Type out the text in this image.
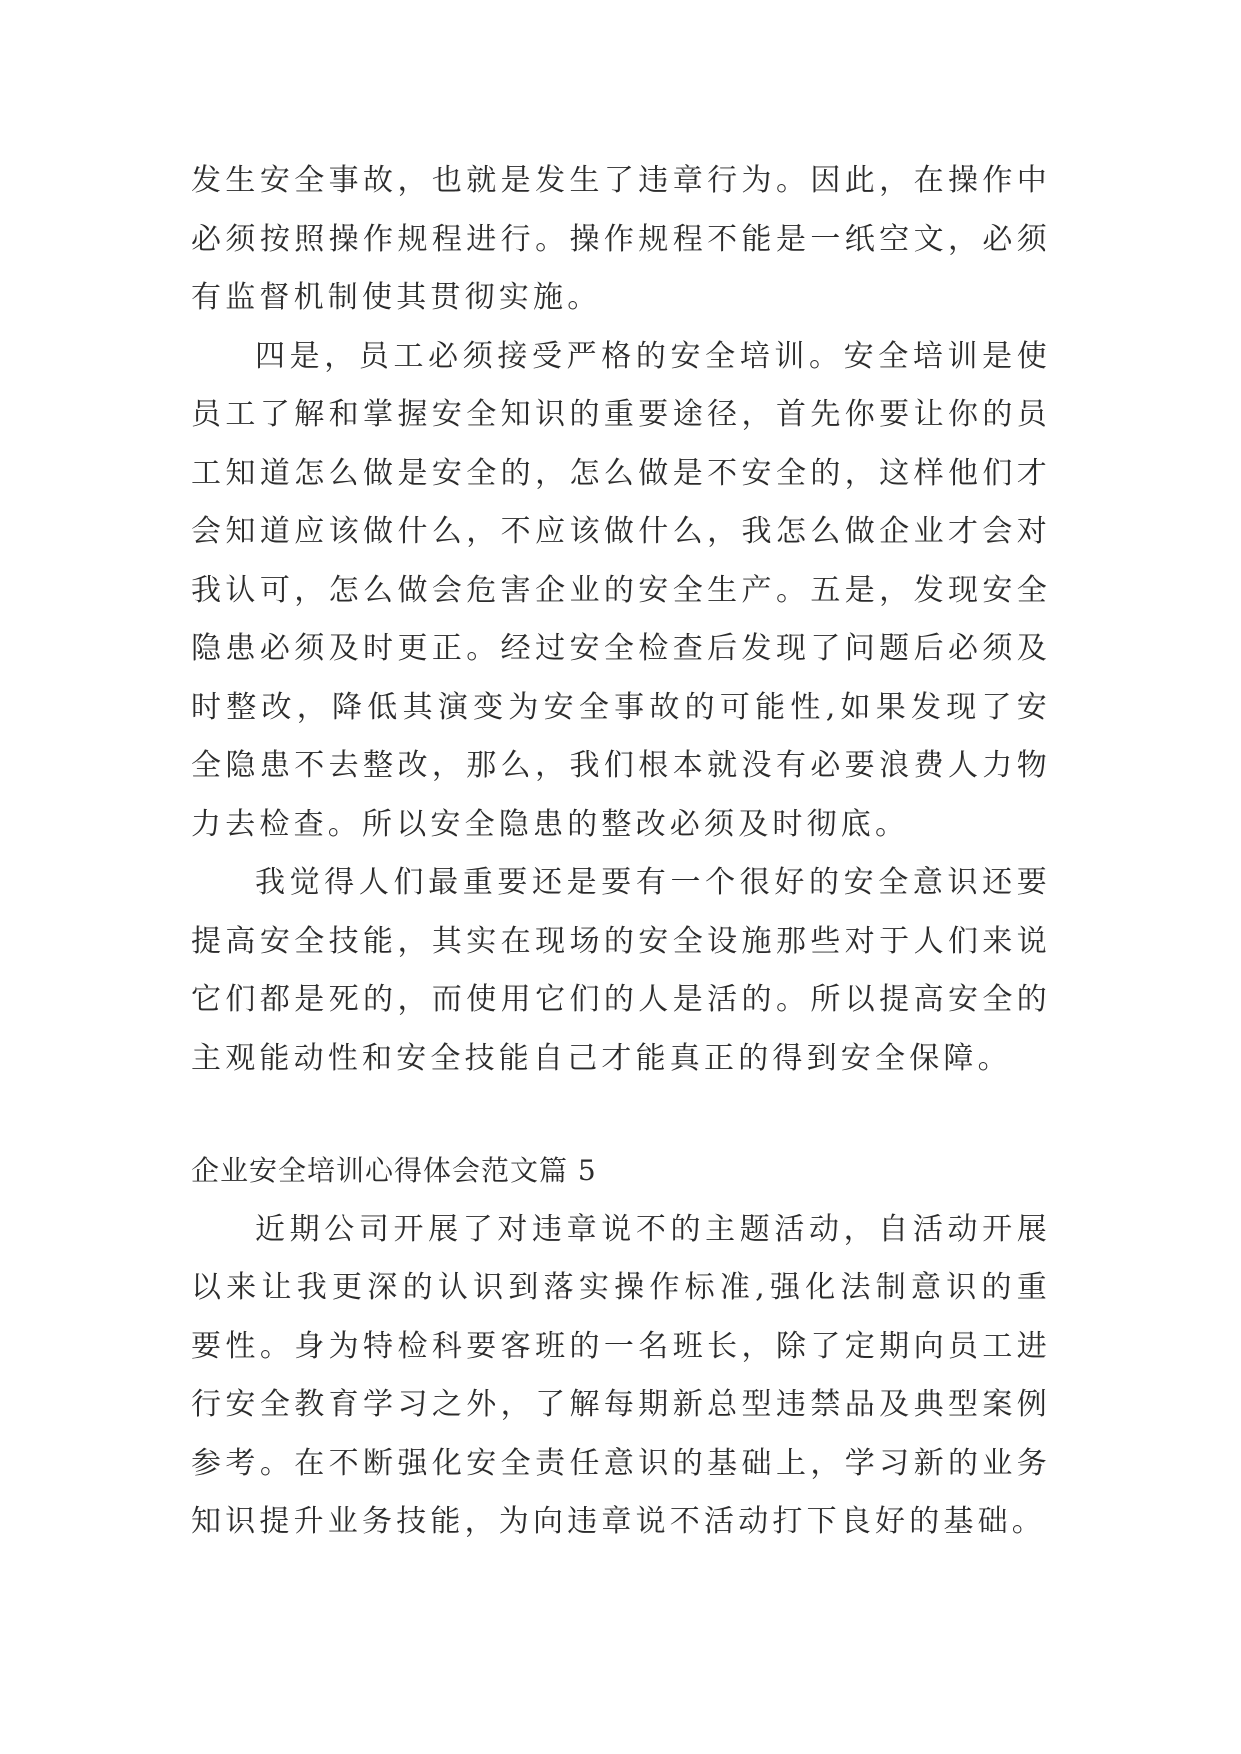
发生安全事故，也就是发生了违章行为。因此，在操作中必须按照操作规程进行。操作规程不能是一纸空文，必须有监督机制使其贯彻实施。

四是，员工必须接受严格的安全培训。安全培训是使员工了解和掌握安全知识的重要途径，首先你要让你的员工知道怎么做是安全的，怎么做是不安全的，这样他们才会知道应该做什么，不应该做什么，我怎么做企业才会对我认可，怎么做会危害企业的安全生产。五是，发现安全隐患必须及时更正。经过安全检查后发现了问题后必须及时整改，降低其演变为安全事故的可能性,如果发现了安全隐患不去整改，那么，我们根本就没有必要浪费人力物力去检查。所以安全隐患的整改必须及时彻底。

我觉得人们最重要还是要有一个很好的安全意识还要提高安全技能，其实在现场的安全设施那些对于人们来说它们都是死的，而使用它们的人是活的。所以提高安全的主观能动性和安全技能自己才能真正的得到安全保障。

企业安全培训心得体会范文篇 5

近期公司开展了对违章说不的主题活动，自活动开展以来让我更深的认识到落实操作标准,强化法制意识的重要性。身为特检科要客班的一名班长，除了定期向员工进行安全教育学习之外，了解每期新总型违禁品及典型案例参考。在不断强化安全责任意识的基础上，学习新的业务知识提升业务技能，为向违章说不活动打下良好的基础。
